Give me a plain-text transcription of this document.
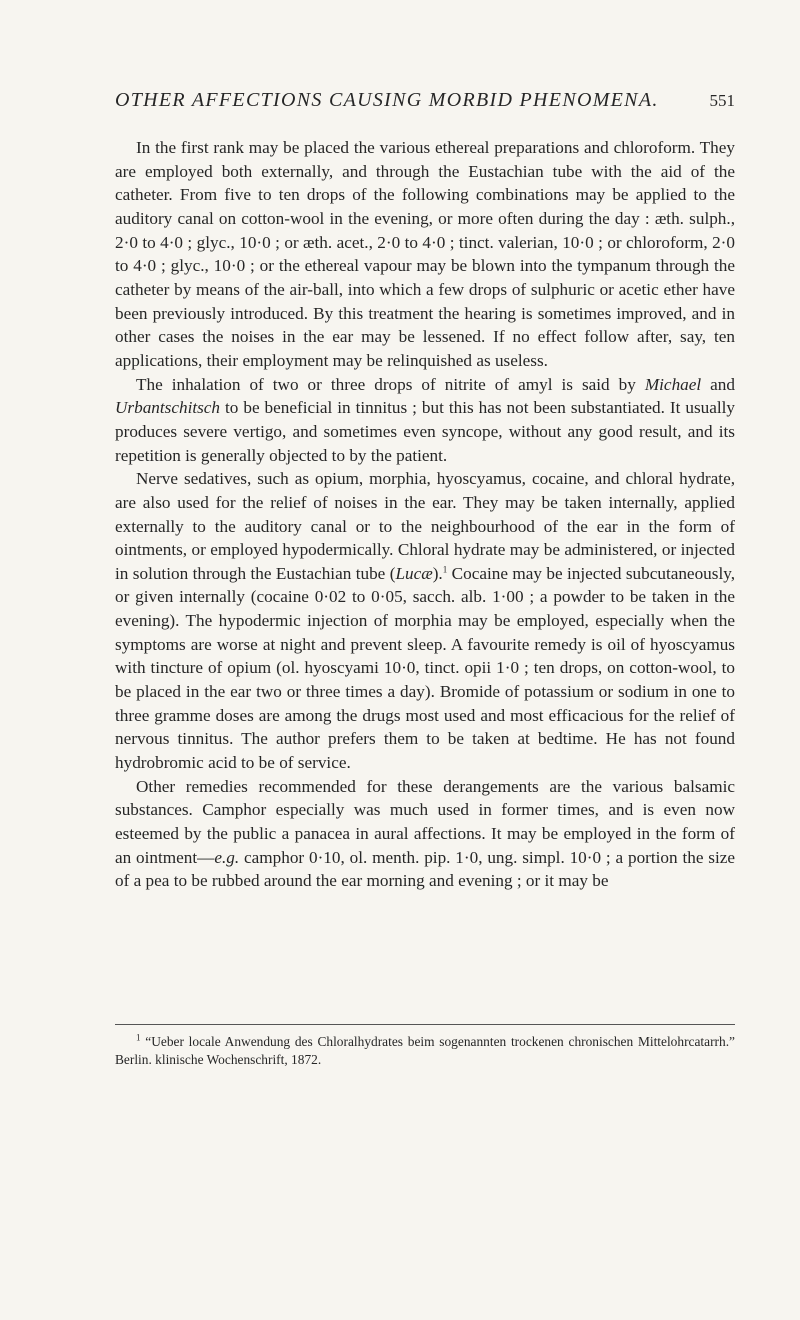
OTHER AFFECTIONS CAUSING MORBID PHENOMENA.	551

In the first rank may be placed the various ethereal preparations and chloroform. They are employed both externally, and through the Eustachian tube with the aid of the catheter. From five to ten drops of the following combinations may be applied to the auditory canal on cotton-wool in the evening, or more often during the day : æth. sulph., 2·0 to 4·0 ; glyc., 10·0 ; or æth. acet., 2·0 to 4·0 ; tinct. valerian, 10·0 ; or chloroform, 2·0 to 4·0 ; glyc., 10·0 ; or the ethereal vapour may be blown into the tympanum through the catheter by means of the air-ball, into which a few drops of sulphuric or acetic ether have been previously introduced. By this treatment the hearing is sometimes improved, and in other cases the noises in the ear may be lessened. If no effect follow after, say, ten applications, their employment may be relinquished as useless.

The inhalation of two or three drops of nitrite of amyl is said by Michael and Urbantschitsch to be beneficial in tinnitus ; but this has not been substantiated. It usually produces severe vertigo, and sometimes even syncope, without any good result, and its repetition is generally objected to by the patient.

Nerve sedatives, such as opium, morphia, hyoscyamus, cocaine, and chloral hydrate, are also used for the relief of noises in the ear. They may be taken internally, applied externally to the auditory canal or to the neighbourhood of the ear in the form of ointments, or employed hypodermically. Chloral hydrate may be administered, or injected in solution through the Eustachian tube (Lucæ).$^1$ Cocaine may be injected subcutaneously, or given internally (cocaine 0·02 to 0·05, sacch. alb. 1·00 ; a powder to be taken in the evening). The hypodermic injection of morphia may be employed, especially when the symptoms are worse at night and prevent sleep. A favourite remedy is oil of hyoscyamus with tincture of opium (ol. hyoscyami 10·0, tinct. opii 1·0 ; ten drops, on cotton-wool, to be placed in the ear two or three times a day). Bromide of potassium or sodium in one to three gramme doses are among the drugs most used and most efficacious for the relief of nervous tinnitus. The author prefers them to be taken at bedtime. He has not found hydrobromic acid to be of service.

Other remedies recommended for these derangements are the various balsamic substances. Camphor especially was much used in former times, and is even now esteemed by the public a panacea in aural affections. It may be employed in the form of an ointment—e.g. camphor 0·10, ol. menth. pip. 1·0, ung. simpl. 10·0 ; a portion the size of a pea to be rubbed around the ear morning and evening ; or it may be

$^1$ “Ueber locale Anwendung des Chloralhydrates beim sogenannten trockenen chronischen Mittelohrcatarrh.” Berlin. klinische Wochenschrift, 1872.
